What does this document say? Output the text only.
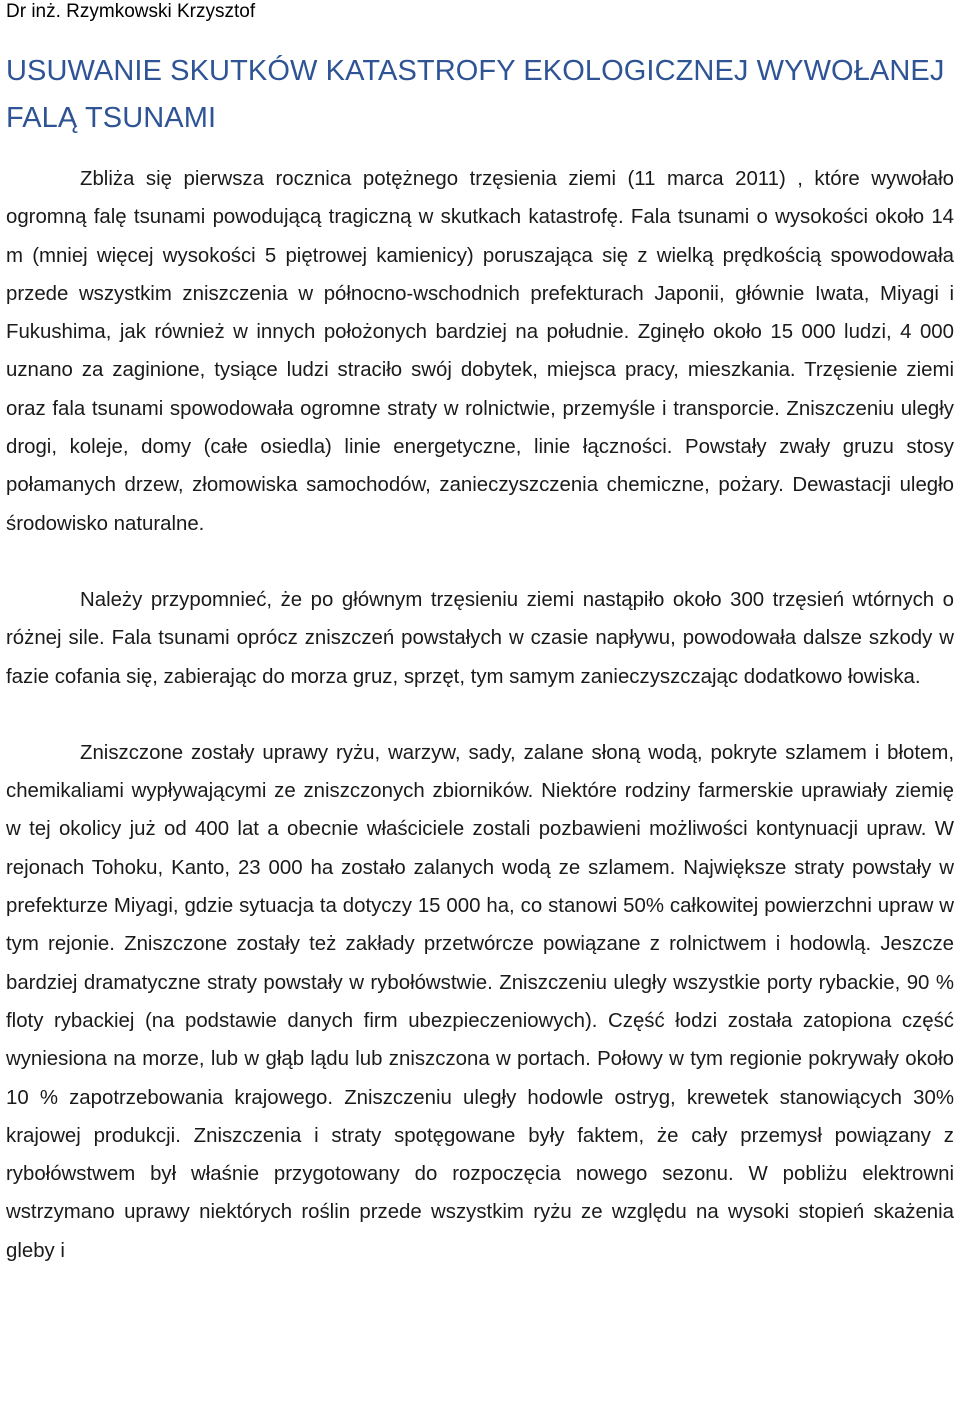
Dr inż. Rzymkowski Krzysztof
USUWANIE SKUTKÓW KATASTROFY EKOLOGICZNEJ WYWOŁANEJ FALĄ TSUNAMI

Zbliża się pierwsza rocznica potężnego trzęsienia ziemi (11 marca 2011) , które wywołało ogromną falę tsunami powodującą tragiczną w skutkach katastrofę. Fala tsunami o wysokości około 14 m (mniej więcej wysokości 5 piętrowej kamienicy) poruszająca się z wielką prędkością spowodowała przede wszystkim zniszczenia w północno-wschodnich prefekturach Japonii, głównie Iwata, Miyagi i Fukushima, jak również w innych położonych bardziej na południe. Zginęło około 15 000 ludzi, 4 000 uznano za zaginione, tysiące ludzi straciło swój dobytek, miejsca pracy, mieszkania. Trzęsienie ziemi oraz fala tsunami spowodowała ogromne straty w rolnictwie, przemyśle i transporcie. Zniszczeniu uległy drogi, koleje, domy (całe osiedla) linie energetyczne, linie łączności. Powstały zwały gruzu stosy połamanych drzew, złomowiska samochodów, zanieczyszczenia chemiczne, pożary. Dewastacji uległo środowisko naturalne.

Należy przypomnieć, że po głównym trzęsieniu ziemi nastąpiło około 300 trzęsień wtórnych o różnej sile. Fala tsunami oprócz zniszczeń powstałych w czasie napływu, powodowała dalsze szkody w fazie cofania się, zabierając do morza gruz, sprzęt, tym samym zanieczyszczając dodatkowo łowiska.

Zniszczone zostały uprawy ryżu, warzyw, sady, zalane słoną wodą, pokryte szlamem i błotem, chemikaliami wypływającymi ze zniszczonych zbiorników. Niektóre rodziny farmerskie uprawiały ziemię w tej okolicy już od 400 lat a obecnie właściciele zostali pozbawieni możliwości kontynuacji upraw. W rejonach Tohoku, Kanto, 23 000 ha zostało zalanych wodą ze szlamem. Największe straty powstały w prefekturze Miyagi, gdzie sytuacja ta dotyczy 15 000 ha, co stanowi 50% całkowitej powierzchni upraw w tym rejonie. Zniszczone zostały też zakłady przetwórcze powiązane z rolnictwem i hodowlą. Jeszcze bardziej dramatyczne straty powstały w rybołówstwie. Zniszczeniu uległy wszystkie porty rybackie, 90 % floty rybackiej (na podstawie danych firm ubezpieczeniowych). Część łodzi została zatopiona część wyniesiona na morze, lub w głąb lądu lub zniszczona w portach. Połowy w tym regionie pokrywały około 10 % zapotrzebowania krajowego. Zniszczeniu uległy hodowle ostryg, krewetek stanowiących 30% krajowej produkcji. Zniszczenia i straty spotęgowane były faktem, że cały przemysł powiązany z rybołówstwem był właśnie przygotowany do rozpoczęcia nowego sezonu. W pobliżu elektrowni wstrzymano uprawy niektórych roślin przede wszystkim ryżu ze względu na wysoki stopień skażenia gleby i
